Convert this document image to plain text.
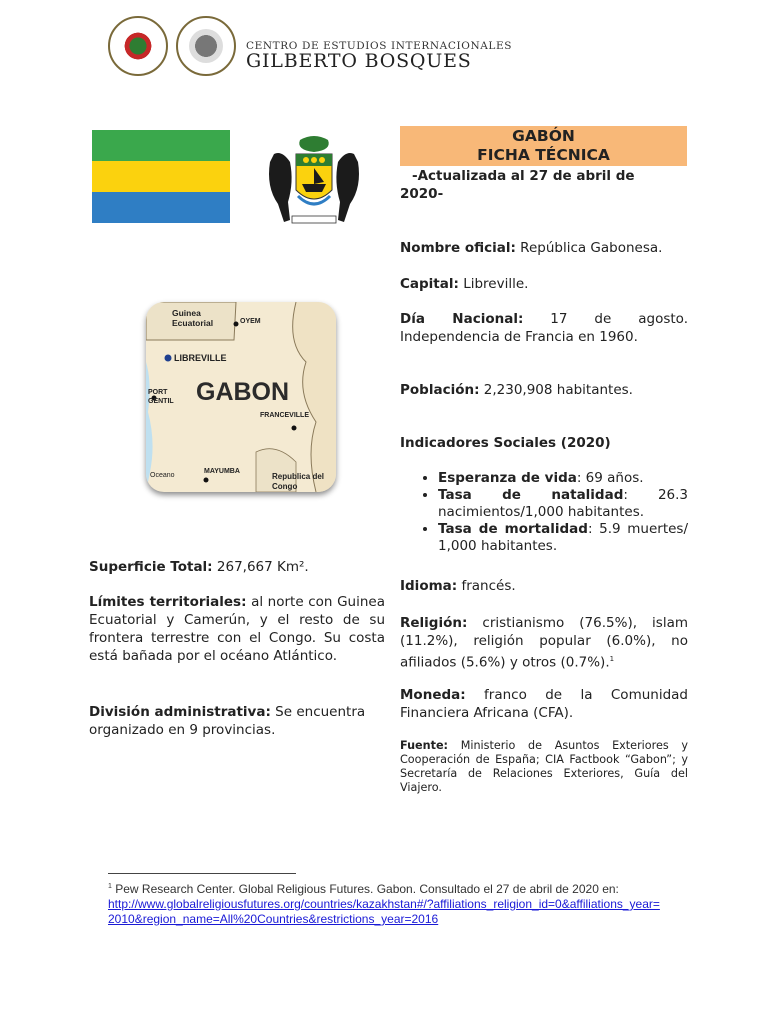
CENTRO DE ESTUDIOS INTERNACIONALES
GILBERTO BOSQUES
GABÓN
FICHA TÉCNICA
-Actualizada al 27 de abril de 2020-
Guinea Ecuatorial	OYEM
LIBREVILLE
PORT GENTIL GABON
FRANCEVILLE
MAYUMBA
Oceano	Republica del Congo
Nombre oficial: República Gabonesa.
Capital: Libreville.
Día Nacional: 17 de agosto. Independencia de Francia en 1960.
Población: 2,230,908 habitantes.
Indicadores Sociales (2020)
• Esperanza de vida: 69 años.
• Tasa de natalidad: 26.3 nacimientos/1,000 habitantes.
• Tasa de mortalidad: 5.9 muertes/ 1,000 habitantes.
Idioma: francés.
Religión: cristianismo (76.5%), islam (11.2%), religión popular (6.0%), no afiliados (5.6%) y otros (0.7%).$^1$
Moneda: franco de la Comunidad Financiera Africana (CFA).
Fuente: Ministerio de Asuntos Exteriores y Cooperación de España; CIA Factbook “Gabon”; y Secretaría de Relaciones Exteriores, Guía del Viajero.
Superficie Total: 267,667 Km².
Límites territoriales: al norte con Guinea Ecuatorial y Camerún, y el resto de su frontera terrestre con el Congo. Su costa está bañada por el océano Atlántico.
División administrativa: Se encuentra organizado en 9 provincias.
$^1$ Pew Research Center. Global Religious Futures. Gabon. Consultado el 27 de abril de 2020 en:
http://www.globalreligiousfutures.org/countries/kazakhstan#/?affiliations_religion_id=0&affiliations_year=2010&region_name=All%20Countries&restrictions_year=2016
